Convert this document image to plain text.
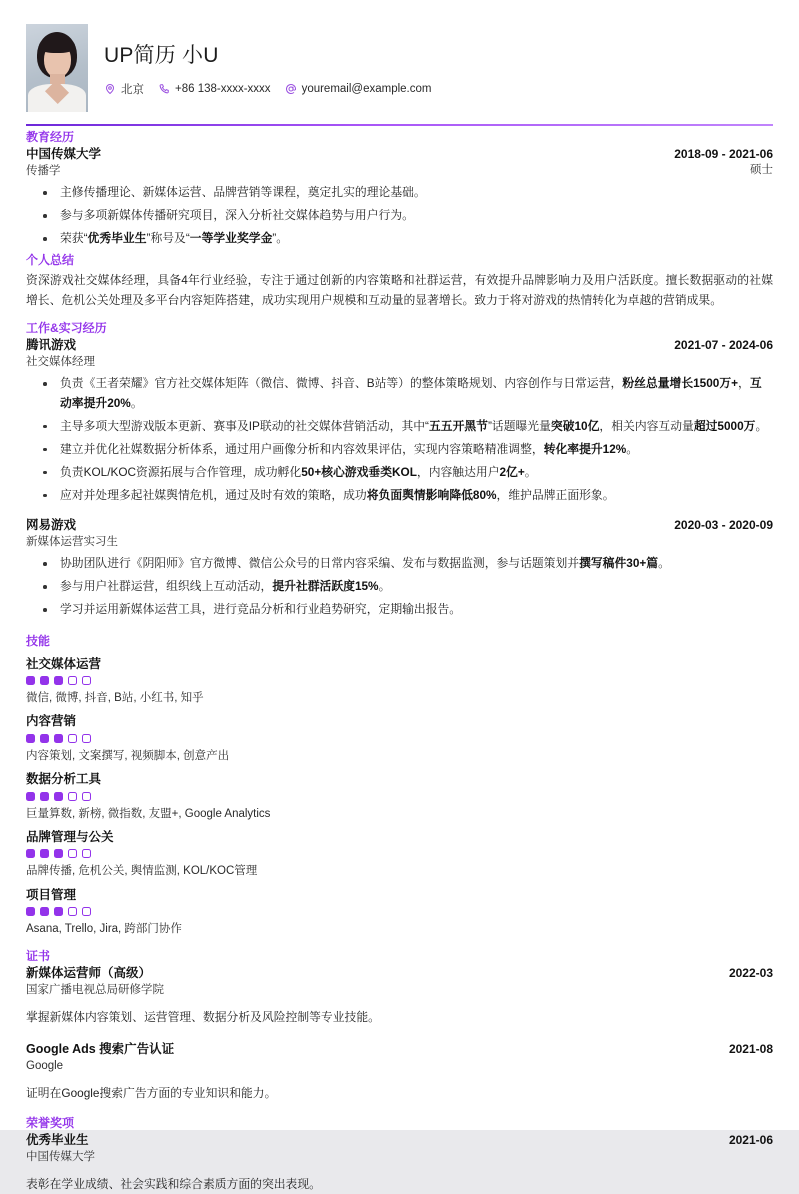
UP简历 小U
北京	+86 138-xxxx-xxxx	youremail@example.com
教育经历
中国传媒大学
传播学
2018-09 - 2021-06
硕士
主修传播理论、新媒体运营、品牌营销等课程，奠定扎实的理论基础。
参与多项新媒体传播研究项目，深入分析社交媒体趋势与用户行为。
荣获“优秀毕业生”称号及“一等学业奖学金”。
个人总结
资深游戏社交媒体经理，具备4年行业经验，专注于通过创新的内容策略和社群运营，有效提升品牌影响力及用户活跃度。擅长数据驱动的社媒增长、危机公关处理及多平台内容矩阵搭建，成功实现用户规模和互动量的显著增长。致力于将对游戏的热情转化为卓越的营销成果。
工作&实习经历
腾讯游戏
社交媒体经理
2021-07 - 2024-06
负责《王者荣耀》官方社交媒体矩阵（微信、微博、抖音、B站等）的整体策略规划、内容创作与日常运营，粉丝总量增长1500万+，互动率提升20%。
主导多项大型游戏版本更新、赛事及IP联动的社交媒体营销活动，其中“五五开黑节”话题曝光量突破10亿，相关内容互动量超过5000万。
建立并优化社媒数据分析体系，通过用户画像分析和内容效果评估，实现内容策略精准调整，转化率提升12%。
负责KOL/KOC资源拓展与合作管理，成功孵化50+核心游戏垂类KOL，内容触达用户2亿+。
应对并处理多起社媒舆情危机，通过及时有效的策略，成功将负面舆情影响降低80%，维护品牌正面形象。
网易游戏
新媒体运营实习生
2020-03 - 2020-09
协助团队进行《阴阳师》官方微博、微信公众号的日常内容采编、发布与数据监测，参与话题策划并撰写稿件30+篇。
参与用户社群运营，组织线上互动活动，提升社群活跃度15%。
学习并运用新媒体运营工具，进行竞品分析和行业趋势研究，定期输出报告。
技能
社交媒体运营
微信, 微博, 抖音, B站, 小红书, 知乎
内容营销
内容策划, 文案撰写, 视频脚本, 创意产出
数据分析工具
巨量算数, 新榜, 微指数, 友盟+, Google Analytics
品牌管理与公关
品牌传播, 危机公关, 舆情监测, KOL/KOC管理
项目管理
Asana, Trello, Jira, 跨部门协作
证书
新媒体运营师（高级）
国家广播电视总局研修学院
2022-03
掌握新媒体内容策划、运营管理、数据分析及风险控制等专业技能。
Google Ads 搜索广告认证
Google
2021-08
证明在Google搜索广告方面的专业知识和能力。
荣誉奖项
优秀毕业生
中国传媒大学
2021-06
表彰在学业成绩、社会实践和综合素质方面的突出表现。
